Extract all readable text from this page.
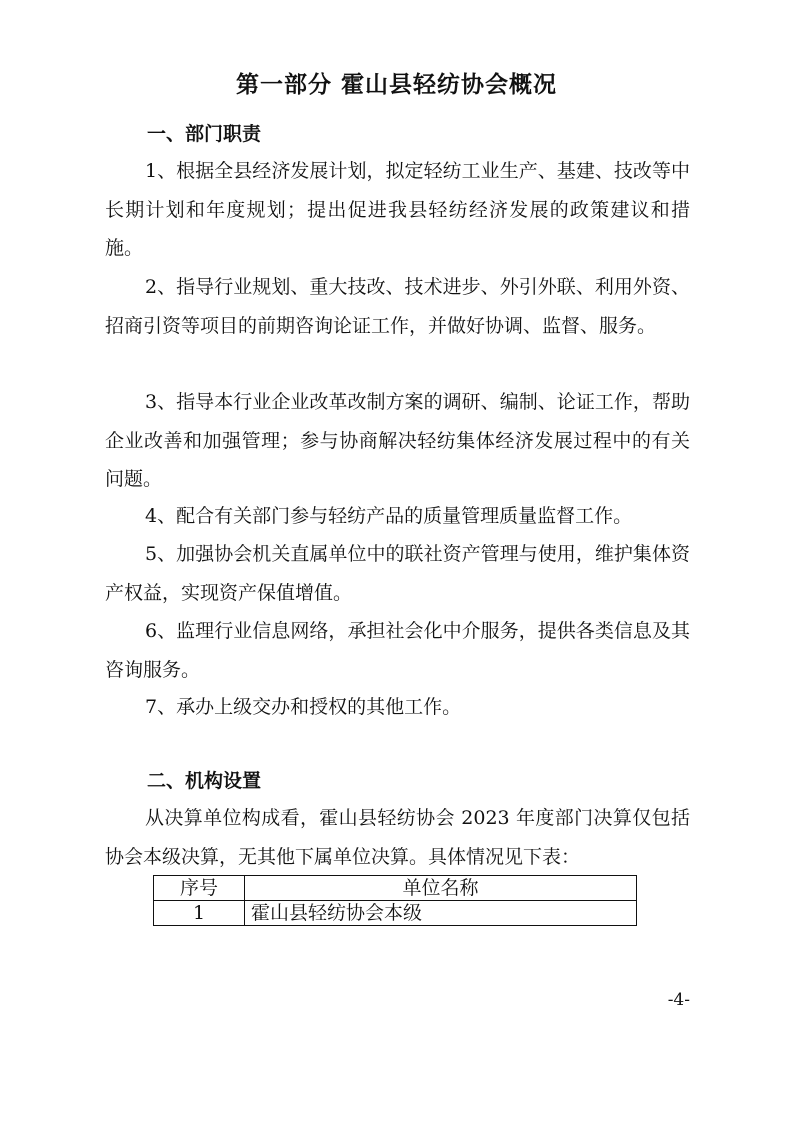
第一部分 霍山县轻纺协会概况
一、部门职责

1、根据全县经济发展计划，拟定轻纺工业生产、基建、技改等中长期计划和年度规划；提出促进我县轻纺经济发展的政策建议和措施。

2、指导行业规划、重大技改、技术进步、外引外联、利用外资、招商引资等项目的前期咨询论证工作，并做好协调、监督、服务。

3、指导本行业企业改革改制方案的调研、编制、论证工作，帮助企业改善和加强管理；参与协商解决轻纺集体经济发展过程中的有关问题。

4、配合有关部门参与轻纺产品的质量管理质量监督工作。

5、加强协会机关直属单位中的联社资产管理与使用，维护集体资产权益，实现资产保值增值。

6、监理行业信息网络，承担社会化中介服务，提供各类信息及其咨询服务。

7、承办上级交办和授权的其他工作。

二、机构设置

从决算单位构成看，霍山县轻纺协会 2023 年度部门决算仅包括协会本级决算，无其他下属单位决算。具体情况见下表：

序号	单位名称
1	霍山县轻纺协会本级
-4-
